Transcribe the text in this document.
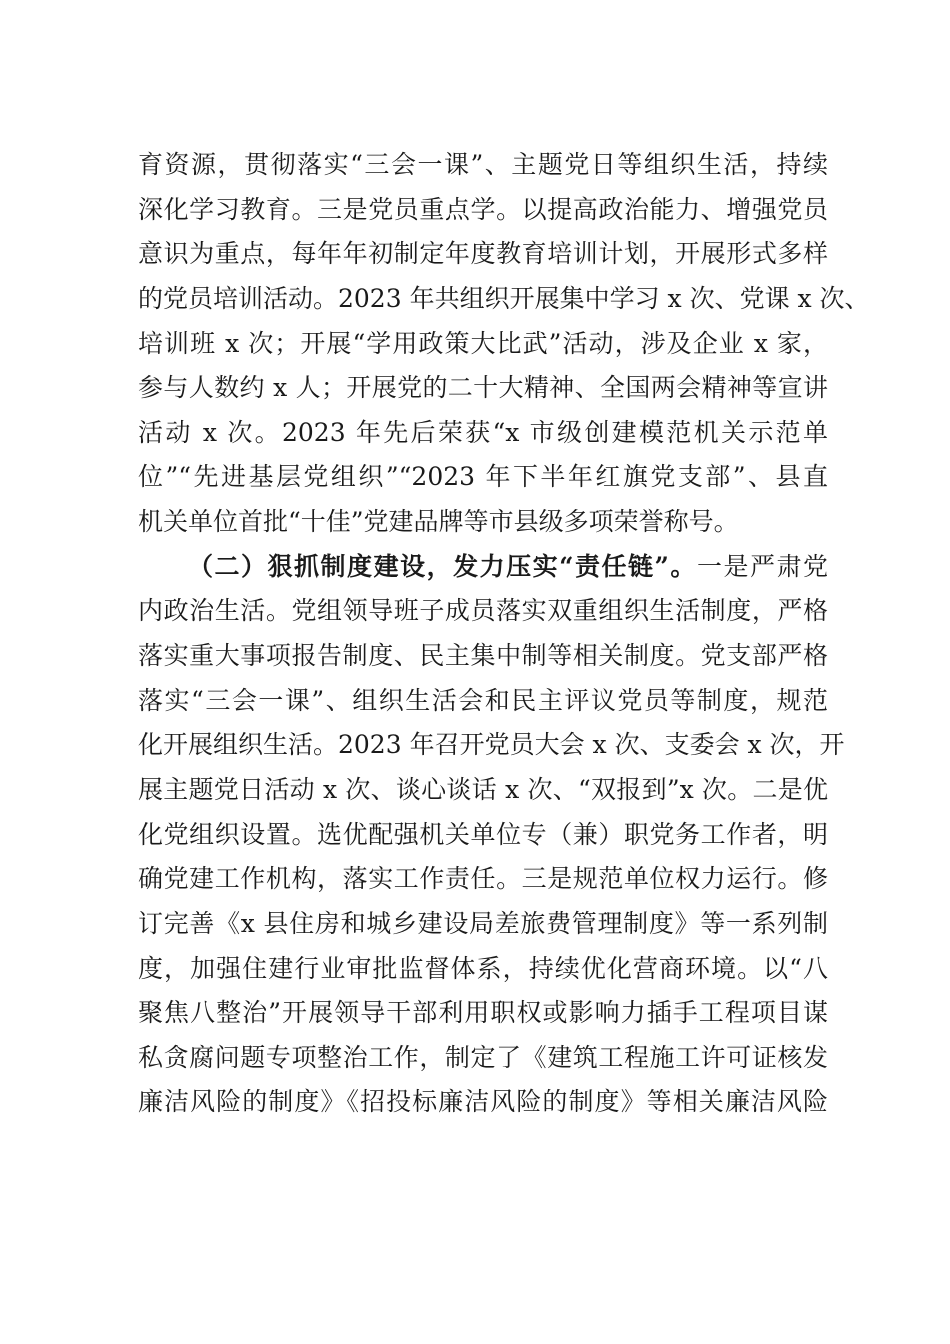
育资源，贯彻落实“三会一课”、主题党日等组织生活，持续
深化学习教育。三是党员重点学。以提高政治能力、增强党员
意识为重点，每年年初制定年度教育培训计划，开展形式多样
的党员培训活动。2023 年共组织开展集中学习 x 次、党课 x 次、
培训班 x 次；开展“学用政策大比武”活动，涉及企业 x 家，
参与人数约 x 人；开展党的二十大精神、全国两会精神等宣讲
活动 x 次。2023 年先后荣获“x 市级创建模范机关示范单
位”“先进基层党组织”“2023 年下半年红旗党支部”、县直
机关单位首批“十佳”党建品牌等市县级多项荣誉称号。
（二）狠抓制度建设，发力压实“责任链”。一是严肃党
内政治生活。党组领导班子成员落实双重组织生活制度，严格
落实重大事项报告制度、民主集中制等相关制度。党支部严格
落实“三会一课”、组织生活会和民主评议党员等制度，规范
化开展组织生活。2023 年召开党员大会 x 次、支委会 x 次，开
展主题党日活动 x 次、谈心谈话 x 次、“双报到”x 次。二是优
化党组织设置。选优配强机关单位专（兼）职党务工作者，明
确党建工作机构，落实工作责任。三是规范单位权力运行。修
订完善《x 县住房和城乡建设局差旅费管理制度》等一系列制
度，加强住建行业审批监督体系，持续优化营商环境。以“八
聚焦八整治”开展领导干部利用职权或影响力插手工程项目谋
私贪腐问题专项整治工作，制定了《建筑工程施工许可证核发
廉洁风险的制度》《招投标廉洁风险的制度》等相关廉洁风险
